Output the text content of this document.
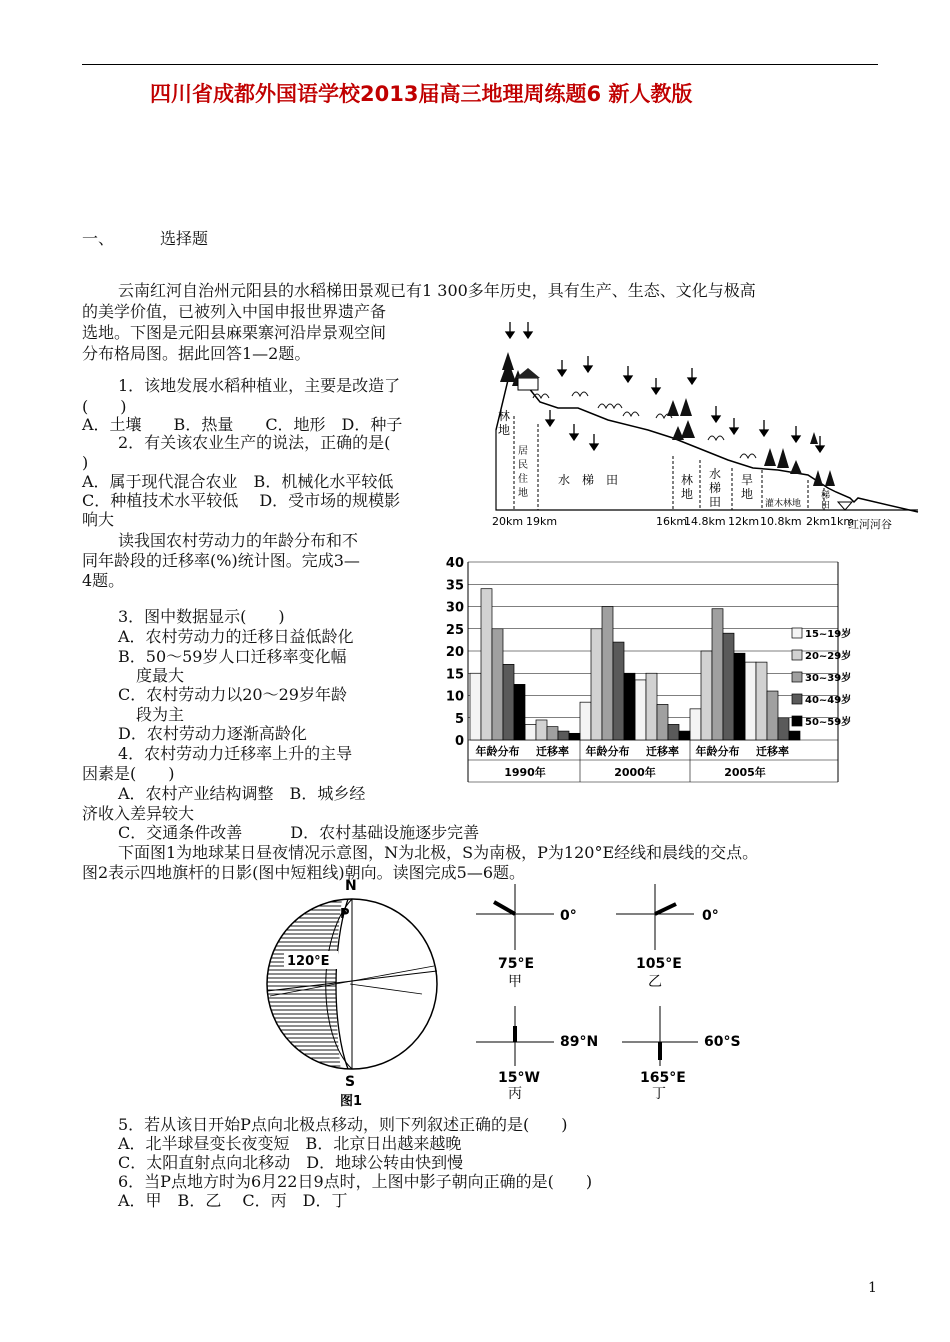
四川省成都外国语学校2013届高三地理周练题6 新人教版
一、	选择题
云南红河自治州元阳县的水稻梯田景观已有1 300多年历史，具有生产、生态、文化与极高
的美学价值，已被列入中国申报世界遗产备
选地。下图是元阳县麻栗寨河沿岸景观空间
分布格局图。据此回答1—2题。
1．该地发展水稻种植业，主要是改造了
(　　)
A．土壤　　B．热量　　C．地形　D．种子
2．有关该农业生产的说法，正确的是(
)
A．属于现代混合农业　B．机械化水平较低
C．种植技术水平较低　 D．受市场的规模影
响大
读我国农村劳动力的年龄分布和不
同年龄段的迁移率(%)统计图。完成3—
4题。
3．图中数据显示(　　)
A．农村劳动力的迁移日益低龄化
B．50～59岁人口迁移率变化幅
度最大
C．农村劳动力以20～29岁年龄
段为主
D．农村劳动力逐渐高龄化
4．农村劳动力迁移率上升的主导
因素是(　　)
A．农村产业结构调整　B．城乡经
济收入差异较大
C．交通条件改善　　　D．农村基础设施逐步完善
下面图1为地球某日昼夜情况示意图，N为北极，S为南极，P为120°E经线和晨线的交点。
图2表示四地旗杆的日影(图中短粗线)朝向。读图完成5—6题。
5．若从该日开始P点向北极点移动，则下列叙述正确的是(　　)
A．北半球昼变长夜变短　B．北京日出越来越晚
C．太阳直射点向北移动　D．地球公转由快到慢
6．当P点地方时为6月22日9点时，上图中影子朝向正确的是(　　)
A．甲　B．乙　 C．丙　D．丁
1
林地
居民住地
水　梯　田	林地
水梯田
旱地
灌木林地
梯田
20km 19km	16km
14.8km 12km 10.8km 2km 1km
红河河谷
0
5
10
15
20
25
30
35
40
年龄分布 迁移率
1990年
年龄分布 迁移率
2000年
年龄分布 迁移率
2005年
15~19岁
20~29岁
30~39岁
40~49岁
50~59岁
N
P
120°E
S
图1
0°
75°E
甲
0°
105°E
乙
89°N
15°W
丙
60°S
165°E
丁
